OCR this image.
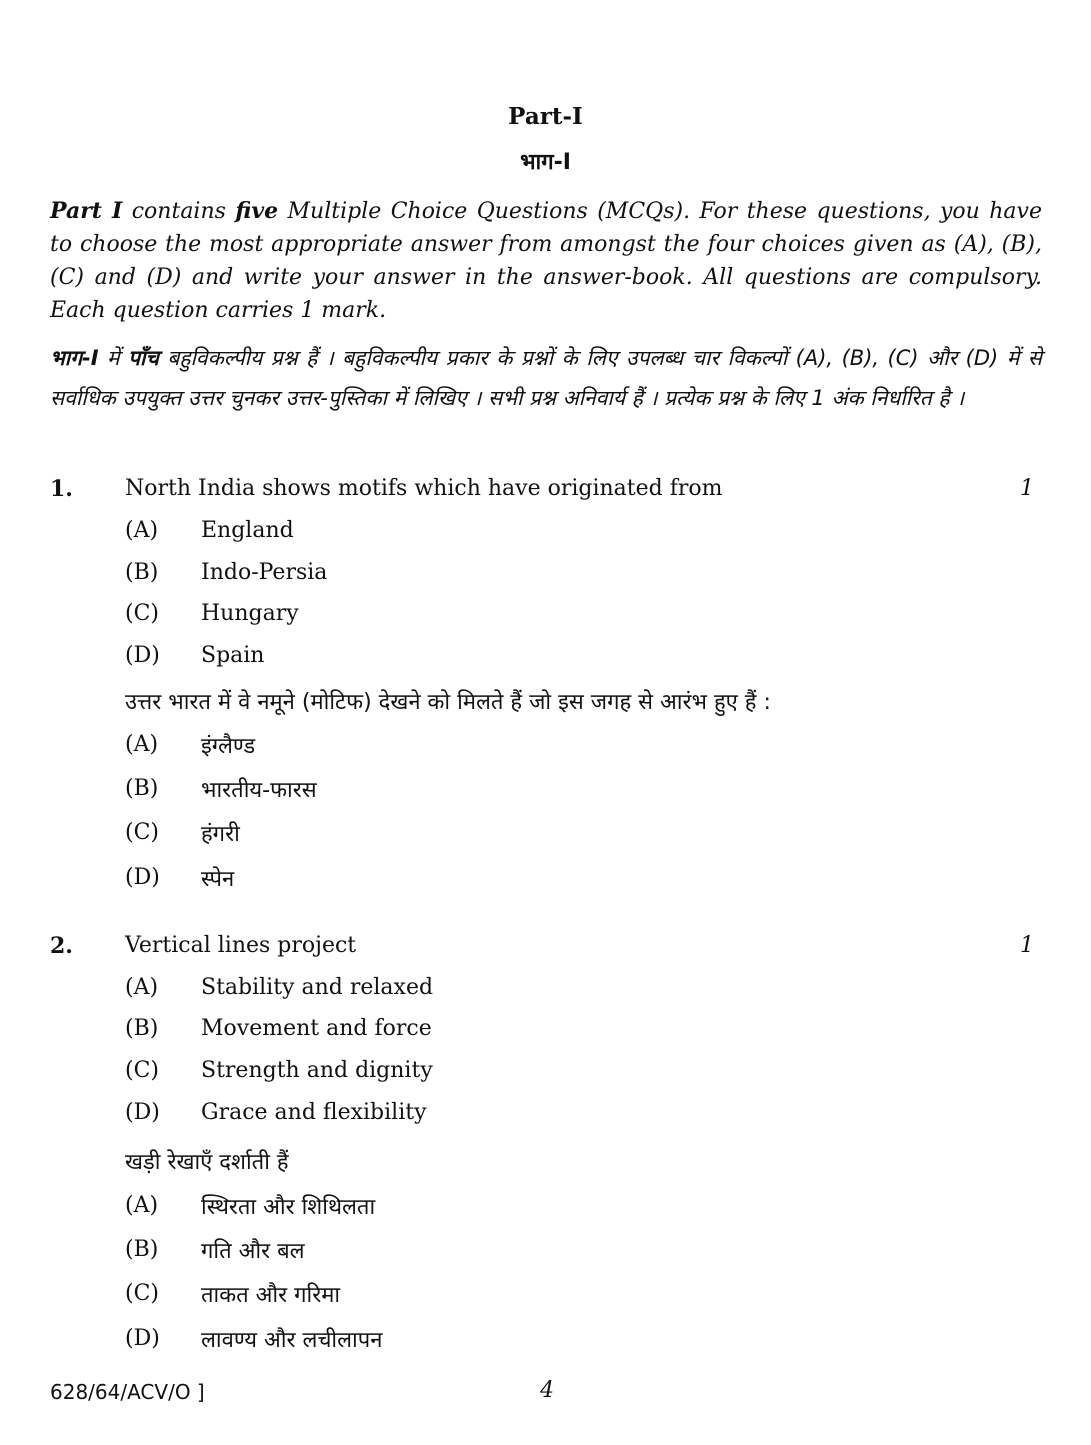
Part-I
भाग-I

Part I contains five Multiple Choice Questions (MCQs). For these questions, you have to choose the most appropriate answer from amongst the four choices given as (A), (B), (C) and (D) and write your answer in the answer-book. All questions are compulsory. Each question carries 1 mark.

भाग-I में पाँच बहुविकल्पीय प्रश्न हैं । बहुविकल्पीय प्रकार के प्रश्नों के लिए उपलब्ध चार विकल्पों (A), (B), (C) और (D) में से सर्वाधिक उपयुक्त उत्तर चुनकर उत्तर-पुस्तिका में लिखिए । सभी प्रश्न अनिवार्य हैं । प्रत्येक प्रश्न के लिए 1 अंक निर्धारित है ।

1. North India shows motifs which have originated from	1
(A) England
(B) Indo-Persia
(C) Hungary
(D) Spain
उत्तर भारत में वे नमूने (मोटिफ) देखने को मिलते हैं जो इस जगह से आरंभ हुए हैं :
(A) इंग्लैण्ड
(B) भारतीय-फारस
(C) हंगरी
(D) स्पेन
2. Vertical lines project	1
(A) Stability and relaxed
(B) Movement and force
(C) Strength and dignity
(D) Grace and flexibility
खड़ी रेखाएँ दर्शाती हैं
(A) स्थिरता और शिथिलता
(B) गति और बल
(C) ताकत और गरिमा
(D) लावण्य और लचीलापन
628/64/ACV/O ]	4
